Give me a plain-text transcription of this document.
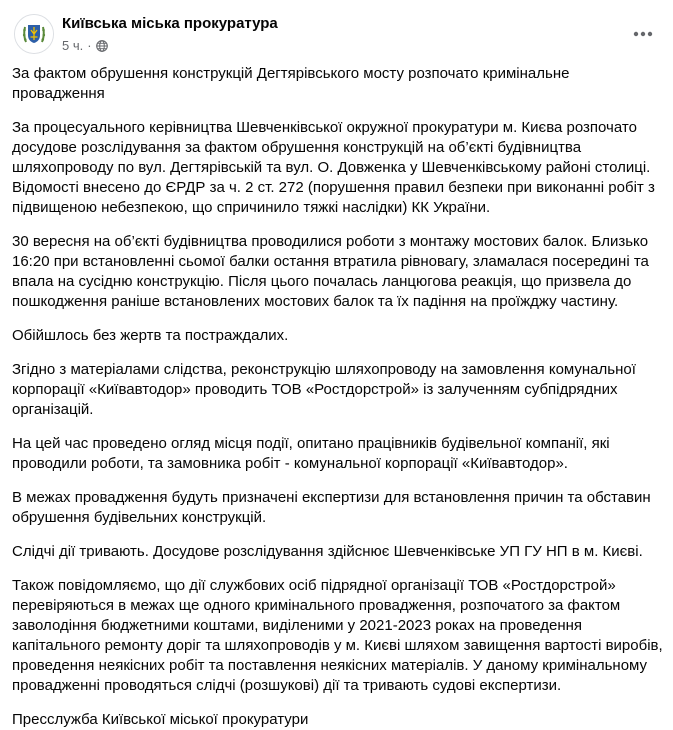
Київська міська прокуратура
5 ч. ·

За фактом обрушення конструкцій Дегтярівського мосту розпочато кримінальне провадження

За процесуального керівництва Шевченківської окружної прокуратури м. Києва розпочато досудове розслідування за фактом обрушення конструкцій на об’єкті будівництва шляхопроводу по вул. Дегтярівській та вул. О. Довженка у Шевченківському районі столиці. Відомості внесено до ЄРДР за ч. 2 ст. 272 (порушення правил безпеки при виконанні робіт з підвищеною небезпекою, що спричинило тяжкі наслідки) КК України.

30 вересня на об’єкті будівництва проводилися роботи з монтажу мостових балок. Близько 16:20 при встановленні сьомої балки остання втратила рівновагу, зламалася посередині та впала на сусідню конструкцію. Після цього почалась ланцюгова реакція, що призвела до пошкодження раніше встановлених мостових балок та їх падіння на проїжджу частину.

Обійшлось без жертв та постраждалих.

Згідно з матеріалами слідства, реконструкцію шляхопроводу на замовлення комунальної корпорації «Київавтодор» проводить ТОВ «Ростдорстрой» із залученням субпідрядних організацій.

На цей час проведено огляд місця події, опитано працівників будівельної компанії, які проводили роботи, та замовника робіт - комунальної корпорації «Київавтодор».

В межах провадження будуть призначені експертизи для встановлення причин та обставин обрушення будівельних конструкцій.

Слідчі дії тривають. Досудове розслідування здійснює Шевченківське УП ГУ НП в м. Києві.

Також повідомляємо, що дії службових осіб підрядної організації ТОВ «Ростдорстрой» перевіряються в межах ще одного кримінального провадження, розпочатого за фактом заволодіння бюджетними коштами, виділеними у 2021-2023 роках на проведення капітального ремонту доріг та шляхопроводів у м. Києві шляхом завищення вартості виробів, проведення неякісних робіт та поставлення неякісних матеріалів. У даному кримінальному провадженні проводяться слідчі (розшукові) дії та тривають судові експертизи.

Пресслужба Київської міської прокуратури
